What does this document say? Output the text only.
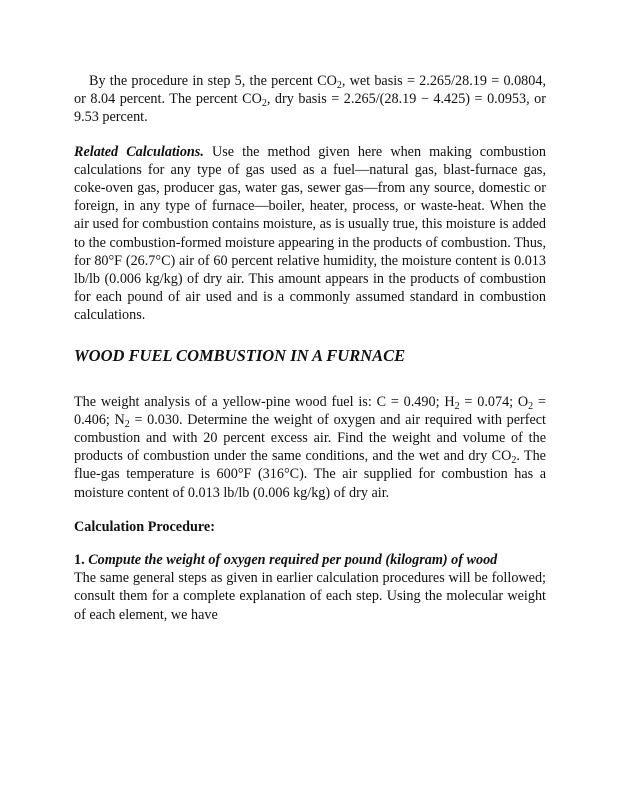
By the procedure in step 5, the percent $CO_2$, wet basis = 2.265/28.19 = 0.0804, or 8.04 percent. The percent $CO_2$, dry basis = 2.265/(28.19 − 4.425) = 0.0953, or 9.53 percent.

Related Calculations. Use the method given here when making combustion calculations for any type of gas used as a fuel—natural gas, blast-furnace gas, coke-oven gas, producer gas, water gas, sewer gas—from any source, domestic or foreign, in any type of furnace—boiler, heater, process, or waste-heat. When the air used for combustion contains moisture, as is usually true, this moisture is added to the combustion-formed moisture appearing in the products of combustion. Thus, for 80°F (26.7°C) air of 60 percent relative humidity, the moisture content is 0.013 lb/lb (0.006 kg/kg) of dry air. This amount appears in the products of combustion for each pound of air used and is a commonly assumed standard in combustion calculations.

WOOD FUEL COMBUSTION IN A FURNACE

The weight analysis of a yellow-pine wood fuel is: C = 0.490; $H_2 = 0.074$; $O_2 = 0.406$; $N_2 = 0.030$. Determine the weight of oxygen and air required with perfect combustion and with 20 percent excess air. Find the weight and volume of the products of combustion under the same conditions, and the wet and dry $CO_2$. The flue-gas temperature is 600°F (316°C). The air supplied for combustion has a moisture content of 0.013 lb/lb (0.006 kg/kg) of dry air.

Calculation Procedure:

1. Compute the weight of oxygen required per pound (kilogram) of wood

The same general steps as given in earlier calculation procedures will be followed; consult them for a complete explanation of each step. Using the molecular weight of each element, we have
